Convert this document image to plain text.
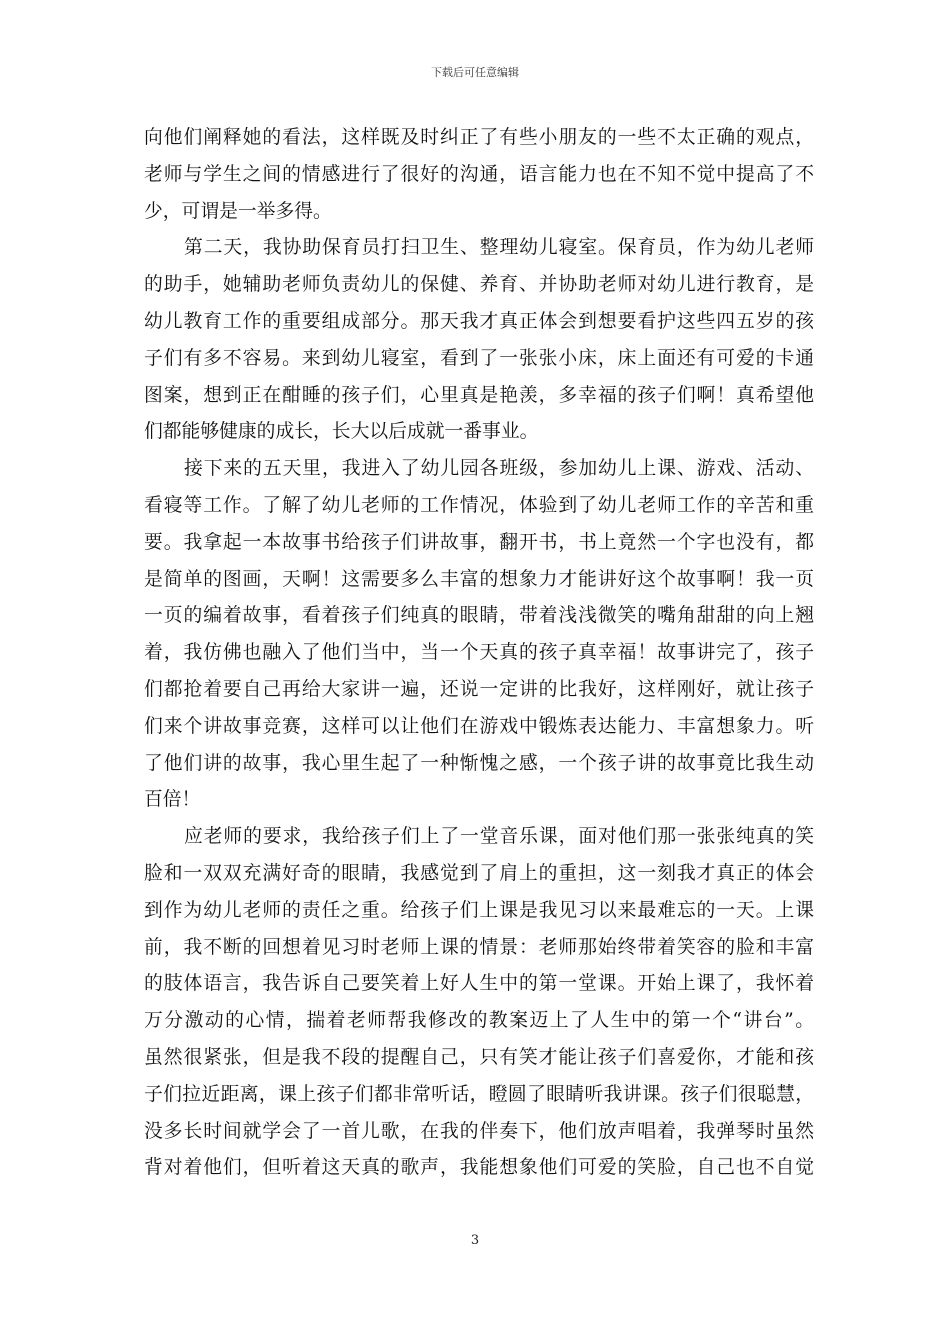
下载后可任意编辑
向他们阐释她的看法，这样既及时纠正了有些小朋友的一些不太正确的观点，
老师与学生之间的情感进行了很好的沟通，语言能力也在不知不觉中提高了不
少，可谓是一举多得。
第二天，我协助保育员打扫卫生、整理幼儿寝室。保育员，作为幼儿老师
的助手，她辅助老师负责幼儿的保健、养育、并协助老师对幼儿进行教育，是
幼儿教育工作的重要组成部分。那天我才真正体会到想要看护这些四五岁的孩
子们有多不容易。来到幼儿寝室，看到了一张张小床，床上面还有可爱的卡通
图案，想到正在酣睡的孩子们，心里真是艳羡，多幸福的孩子们啊！真希望他
们都能够健康的成长，长大以后成就一番事业。
接下来的五天里，我进入了幼儿园各班级，参加幼儿上课、游戏、活动、
看寝等工作。了解了幼儿老师的工作情况，体验到了幼儿老师工作的辛苦和重
要。我拿起一本故事书给孩子们讲故事，翻开书，书上竟然一个字也没有，都
是简单的图画，天啊！这需要多么丰富的想象力才能讲好这个故事啊！我一页
一页的编着故事，看着孩子们纯真的眼睛，带着浅浅微笑的嘴角甜甜的向上翘
着，我仿佛也融入了他们当中，当一个天真的孩子真幸福！故事讲完了，孩子
们都抢着要自己再给大家讲一遍，还说一定讲的比我好，这样刚好，就让孩子
们来个讲故事竞赛，这样可以让他们在游戏中锻炼表达能力、丰富想象力。听
了他们讲的故事，我心里生起了一种惭愧之感，一个孩子讲的故事竟比我生动
百倍！
应老师的要求，我给孩子们上了一堂音乐课，面对他们那一张张纯真的笑
脸和一双双充满好奇的眼睛，我感觉到了肩上的重担，这一刻我才真正的体会
到作为幼儿老师的责任之重。给孩子们上课是我见习以来最难忘的一天。上课
前，我不断的回想着见习时老师上课的情景：老师那始终带着笑容的脸和丰富
的肢体语言，我告诉自己要笑着上好人生中的第一堂课。开始上课了，我怀着
万分激动的心情，揣着老师帮我修改的教案迈上了人生中的第一个“讲台”。
虽然很紧张，但是我不段的提醒自己，只有笑才能让孩子们喜爱你，才能和孩
子们拉近距离，课上孩子们都非常听话，瞪圆了眼睛听我讲课。孩子们很聪慧，
没多长时间就学会了一首儿歌，在我的伴奏下，他们放声唱着，我弹琴时虽然
背对着他们，但听着这天真的歌声，我能想象他们可爱的笑脸，自己也不自觉
3
